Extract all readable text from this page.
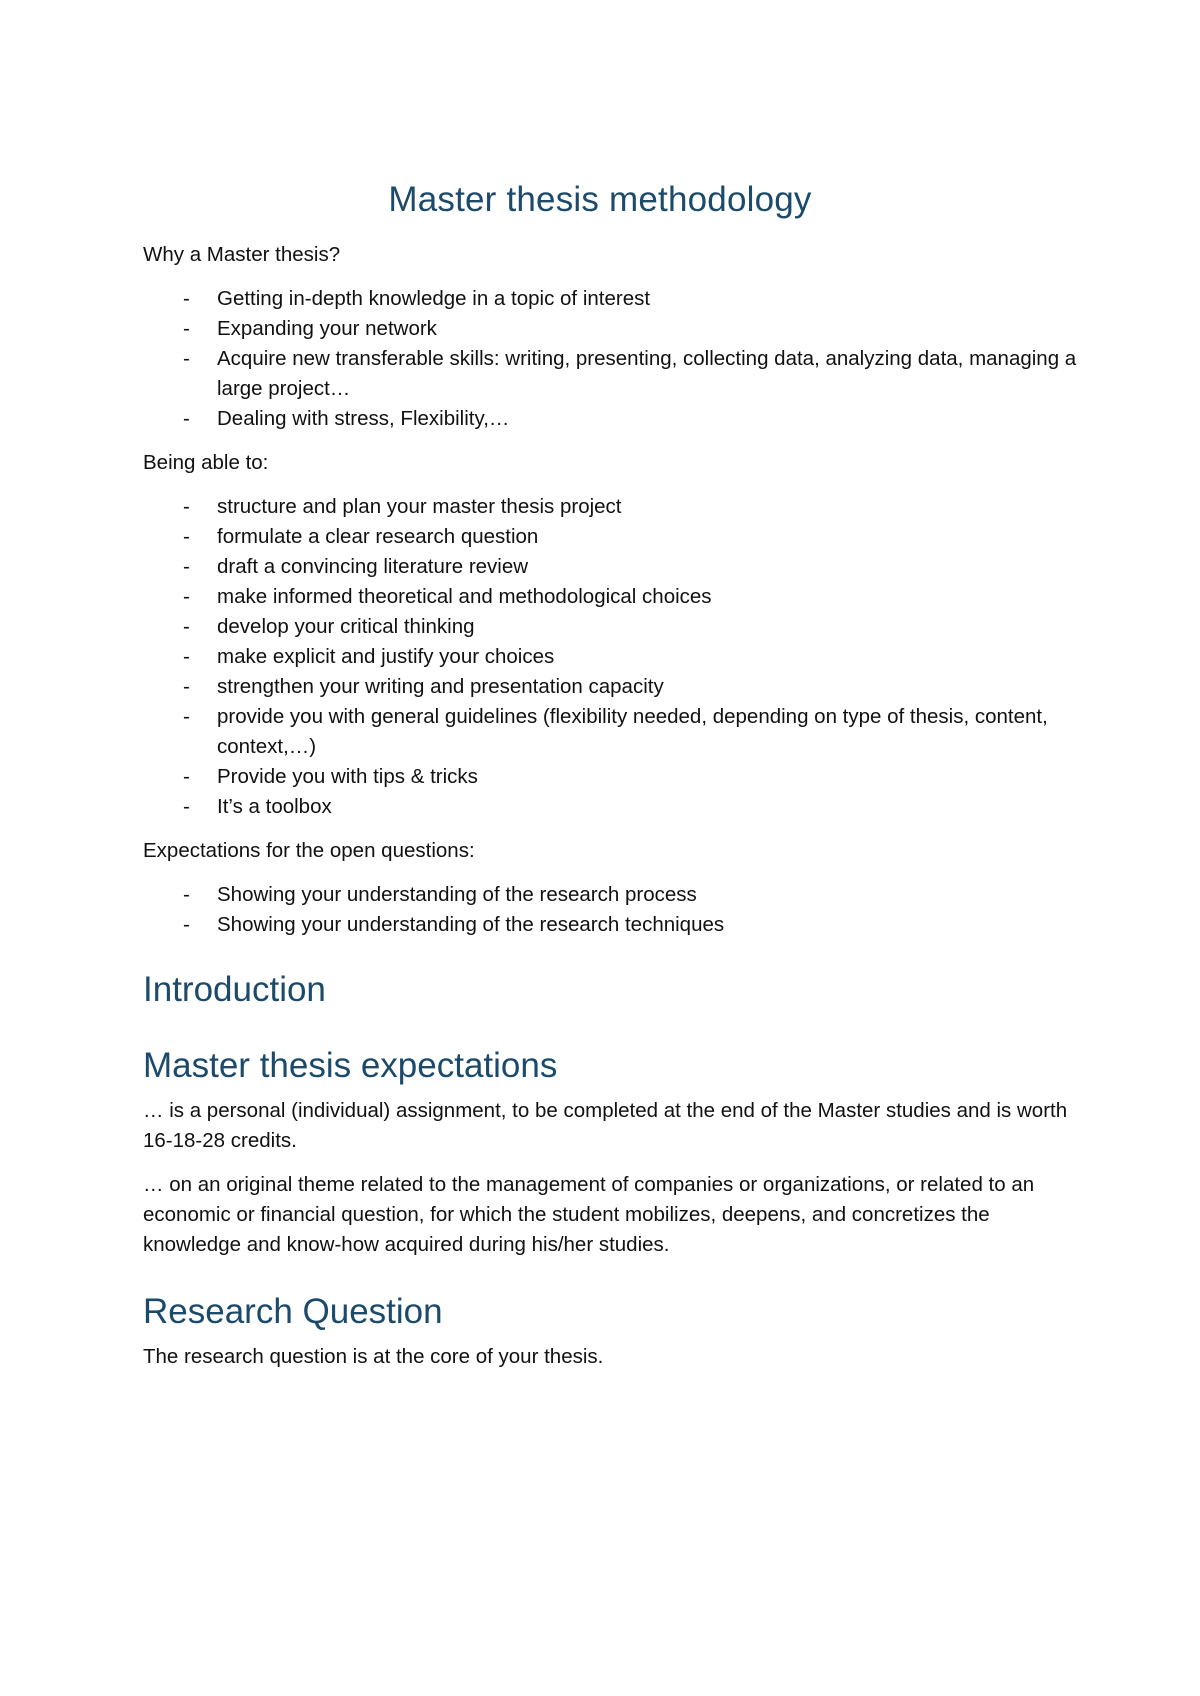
Master thesis methodology

Why a Master thesis?

- Getting in-depth knowledge in a topic of interest
- Expanding your network
- Acquire new transferable skills: writing, presenting, collecting data, analyzing data, managing a large project…
- Dealing with stress, Flexibility,…

Being able to:

- structure and plan your master thesis project
- formulate a clear research question
- draft a convincing literature review
- make informed theoretical and methodological choices
- develop your critical thinking
- make explicit and justify your choices
- strengthen your writing and presentation capacity
- provide you with general guidelines (flexibility needed, depending on type of thesis, content, context,…)
- Provide you with tips & tricks
- It’s a toolbox

Expectations for the open questions:

- Showing your understanding of the research process
- Showing your understanding of the research techniques
Introduction
Master thesis expectations

… is a personal (individual) assignment, to be completed at the end of the Master studies and is worth 16-18-28 credits.

… on an original theme related to the management of companies or organizations, or related to an economic or financial question, for which the student mobilizes, deepens, and concretizes the knowledge and know-how acquired during his/her studies.

Research Question

The research question is at the core of your thesis.
